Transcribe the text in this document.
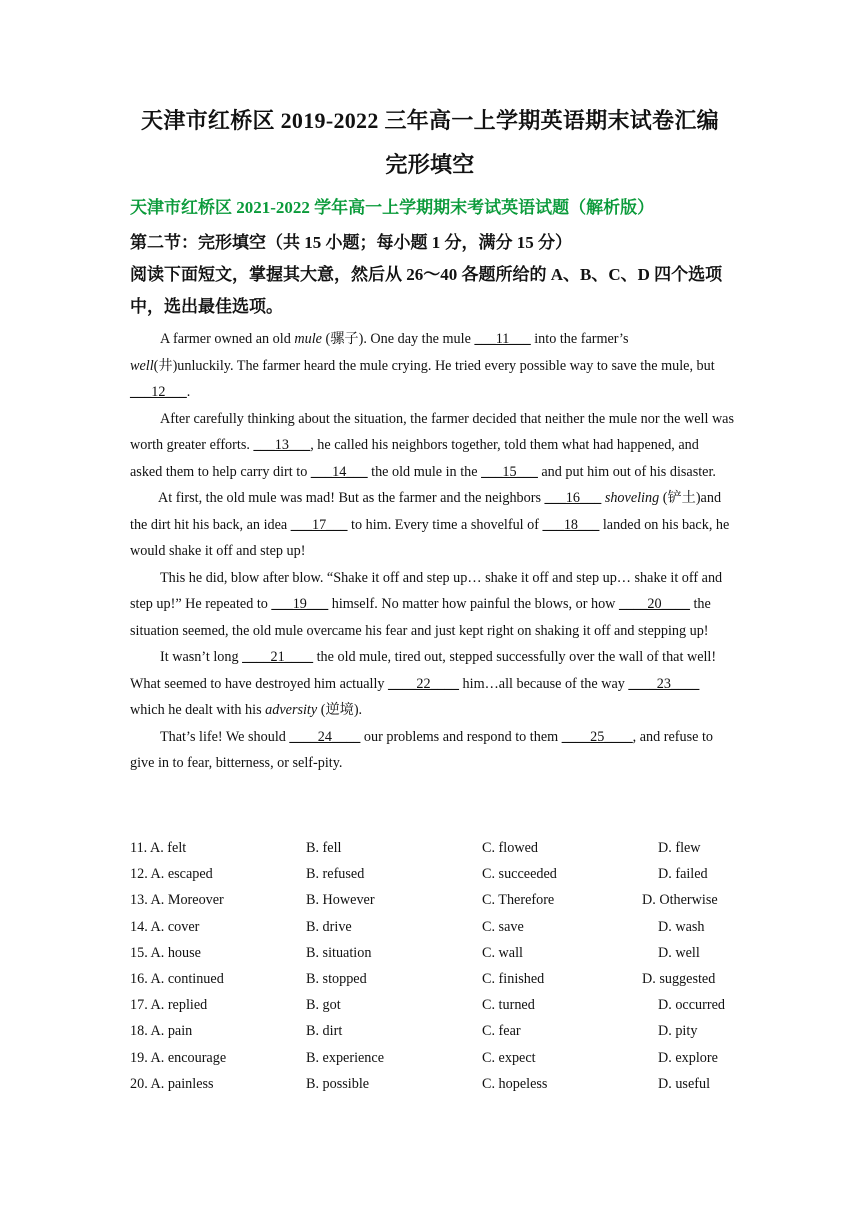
天津市红桥区 2019-2022 三年高一上学期英语期末试卷汇编
完形填空
天津市红桥区 2021-2022 学年高一上学期期末考试英语试题（解析版）
第二节：完形填空（共 15 小题；每小题 1 分，满分 15 分）
阅读下面短文，掌握其大意，然后从 26～40 各题所给的 A、B、C、D 四个选项
中，选出最佳选项。

A farmer owned an old mule (骡子). One day the mule ___11___ into the farmer’s well(井)unluckily. The farmer heard the mule crying. He tried every possible way to save the mule, but ___12___.

After carefully thinking about the situation, the farmer decided that neither the mule nor the well was worth greater efforts. ___13___, he called his neighbors together, told them what had happened, and asked them to help carry dirt to ___14___ the old mule in the ___15___ and put him out of his disaster.

At first, the old mule was mad! But as the farmer and the neighbors ___16___ shoveling (铲土)and the dirt hit his back, an idea ___17___ to him. Every time a shovelful of ___18___ landed on his back, he would shake it off and step up!

This he did, blow after blow. “Shake it off and step up… shake it off and step up… shake it off and step up!” He repeated to ___19___ himself. No matter how painful the blows, or how ____20____ the situation seemed, the old mule overcame his fear and just kept right on shaking it off and stepping up!

It wasn’t long ____21____ the old mule, tired out, stepped successfully over the wall of that well! What seemed to have destroyed him actually ____22____ him…all because of the way ____23____ which he dealt with his adversity (逆境).

That’s life! We should ____24____ our problems and respond to them ____25____, and refuse to give in to fear, bitterness, or self-pity.

11. A. felt	B. fell	C. flowed	D. flew
12. A. escaped	B. refused	C. succeeded	D. failed
13. A. Moreover	B. However	C. Therefore	D. Otherwise
14. A. cover	B. drive	C. save	D. wash
15. A. house	B. situation	C. wall	D. well
16. A. continued	B. stopped	C. finished	D. suggested
17. A. replied	B. got	C. turned	D. occurred
18. A. pain	B. dirt	C. fear	D. pity
19. A. encourage	B. experience	C. expect	D. explore
20. A. painless	B. possible	C. hopeless	D. useful
